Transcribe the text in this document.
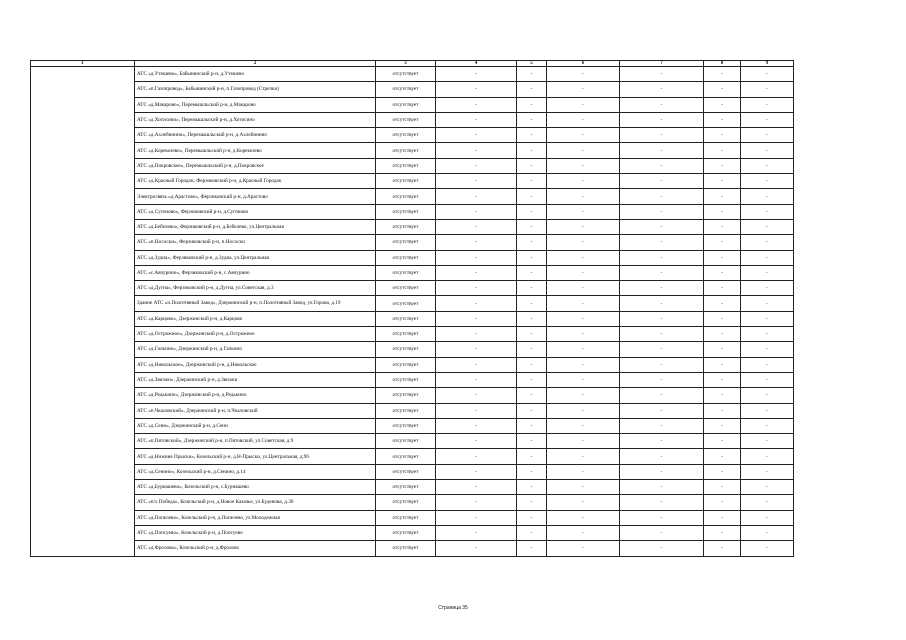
1	2	3	4	5	6	7	8	9
	АТС «д.Утешево», Бабынинский р-н, д.Утешево	отсутствует	-	-	-	-	-	-
	АТС «п.Газопровод», Бабынинский р-н, п.Газопровод (Стрелки)	отсутствует	-	-	-	-	-	-
	АТС «д.Макарово», Перемышльский р-н, д.Макарово	отсутствует	-	-	-	-	-	-
	АТС «д.Хотисино», Перемышльский р-н, д.Хотисино	отсутствует	-	-	-	-	-	-
	АТС «д.Ахлебинино», Перемышльский р-н, д.Ахлебинино	отсутствует	-	-	-	-	-	-
	АТС «д.Корекозево», Перемышльский р-н, д.Корекозево	отсутствует	-	-	-	-	-	-
	АТС «д.Покровское», Перемышльский р-н, д.Покровское	отсутствует	-	-	-	-	-	-
	АТС «д.Красный Городок, Ферзиковский р-н, д.Красный Городок	отсутствует	-	-	-	-	-	-
	Электросвязь «д.Арастово», Ферзиковский р-н, д.Арастово	отсутствует	-	-	-	-	-	-
	АТС «д.Сугоново», Ферзиковский р-н, д.Сугоново	отсутствует	-	-	-	-	-	-
	АТС «д.Бебелево», Ферзиковский р-н, д.Бебелево, ул.Центральная	отсутствует	-	-	-	-	-	-
	АТС «п.Нососки», Ферзиковский р-н, п.Нососки	отсутствует	-	-	-	-	-	-
	АТС «д.Зудна», Ферзиковский р-н, д.Зудна, ул.Центральная	отсутствует	-	-	-	-	-	-
	АТС «с.Авчурино», Ферзиковский р-н, с.Авчурино	отсутствует	-	-	-	-	-	-
	АТС «д.Дугна», Ферзиковский р-н, д.Дугна, ул.Советская, д.3	отсутствует	-	-	-	-	-	-
	Здание АТС «п.Полотняный Завод», Дзержинский р-н, п.Полотняный Завод, ул.Горова, д.19	отсутствует	-	-	-	-	-	-
	АТС «д.Карцово», Дзержинский р-н, д.Карцово	отсутствует	-	-	-	-	-	-
	АТС «д.Острожное», Дзержинский р-н, д.Острожное	отсутствует	-	-	-	-	-	-
	АТС «д.Галкино», Дзержинский р-н, д.Галкино	отсутствует	-	-	-	-	-	-
	АТС «д.Никольское», Дзержинский р-н, д.Никольское	отсутствует	-	-	-	-	-	-
	АТС «д.Звизжи», Дзержинский р-н, д.Звизжи	отсутствует	-	-	-	-	-	-
	АТС «д.Редькино», Дзержинский р-н, д.Редькино	отсутствует	-	-	-	-	-	-
	АТС «п.Чкаловский», Дзержинский р-н, п.Чкаловский	отсутствует	-	-	-	-	-	-
	АТС «д.Сени», Дзержинский р-н, д.Сени	отсутствует	-	-	-	-	-	-
	АТС «п.Пятовский», Дзержинский р-н, п.Пятовский, ул.Советская, д.9	отсутствует	-	-	-	-	-	-
	АТС «д.Нижние Прыски», Козельский р-н, д.Н-Прыски, ул.Центральная, д.96	отсутствует	-	-	-	-	-	-
	АТС «д.Сенино», Козельский р-н, д.Сенино, д.14	отсутствует	-	-	-	-	-	-
	АТС «д.Бурнашево», Козельский р-н, с.Бурнашево	отсутствует	-	-	-	-	-	-
	АТС «п/х Победа», Козельский р-н, д.Новое Казачье, ул.Буденова, д.36	отсутствует	-	-	-	-	-	-
	АТС «д.Попелево», Козельский р-н, д.Попелево, ул.Молодежная	отсутствует	-	-	-	-	-	-
	АТС «д.Попсуево», Козельский р-н, д.Попсуево	отсутствует	-	-	-	-	-	-
	АТС «д.Фролово», Козельский р-н, д.Фролово	отсутствует	-	-	-	-	-	-
Страница 35
